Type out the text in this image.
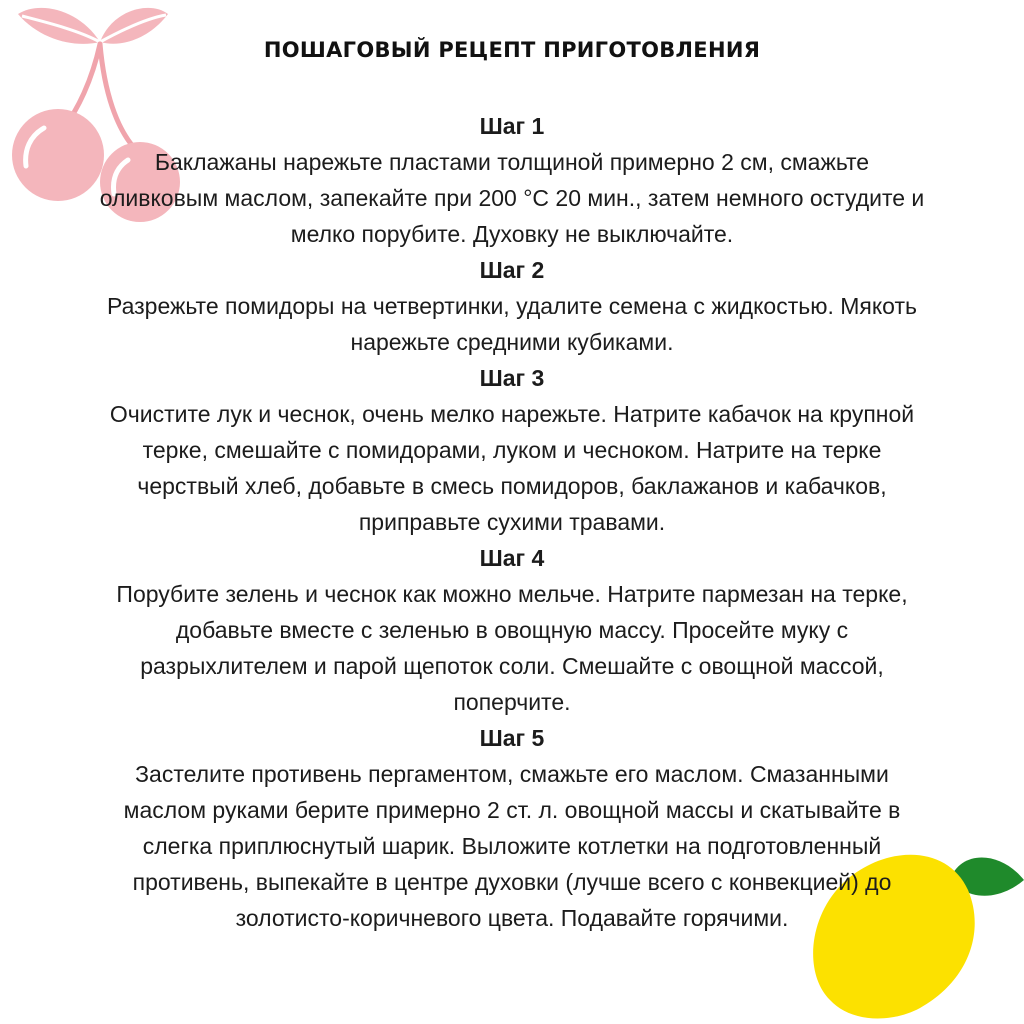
ПОШАГОВЫЙ РЕЦЕПТ ПРИГОТОВЛЕНИЯ

Шаг 1

Баклажаны нарежьте пластами толщиной примерно 2 см, смажьте

оливковым маслом, запекайте при 200 °С 20 мин., затем немного остудите и

мелко порубите. Духовку не выключайте.

Шаг 2

Разрежьте помидоры на четвертинки, удалите семена с жидкостью. Мякоть

нарежьте средними кубиками.

Шаг 3

Очистите лук и чеснок, очень мелко нарежьте. Натрите кабачок на крупной

терке, смешайте с помидорами, луком и чесноком. Натрите на терке

черствый хлеб, добавьте в смесь помидоров, баклажанов и кабачков,

приправьте сухими травами.

Шаг 4

Порубите зелень и чеснок как можно мельче. Натрите пармезан на терке,

добавьте вместе с зеленью в овощную массу. Просейте муку с

разрыхлителем и парой щепоток соли. Смешайте с овощной массой,

поперчите.

Шаг 5

Застелите противень пергаментом, смажьте его маслом. Смазанными

маслом руками берите примерно 2 ст. л. овощной массы и скатывайте в

слегка приплюснутый шарик. Выложите котлетки на подготовленный

противень, выпекайте в центре духовки (лучше всего с конвекцией) до

золотисто-коричневого цвета. Подавайте горячими.
